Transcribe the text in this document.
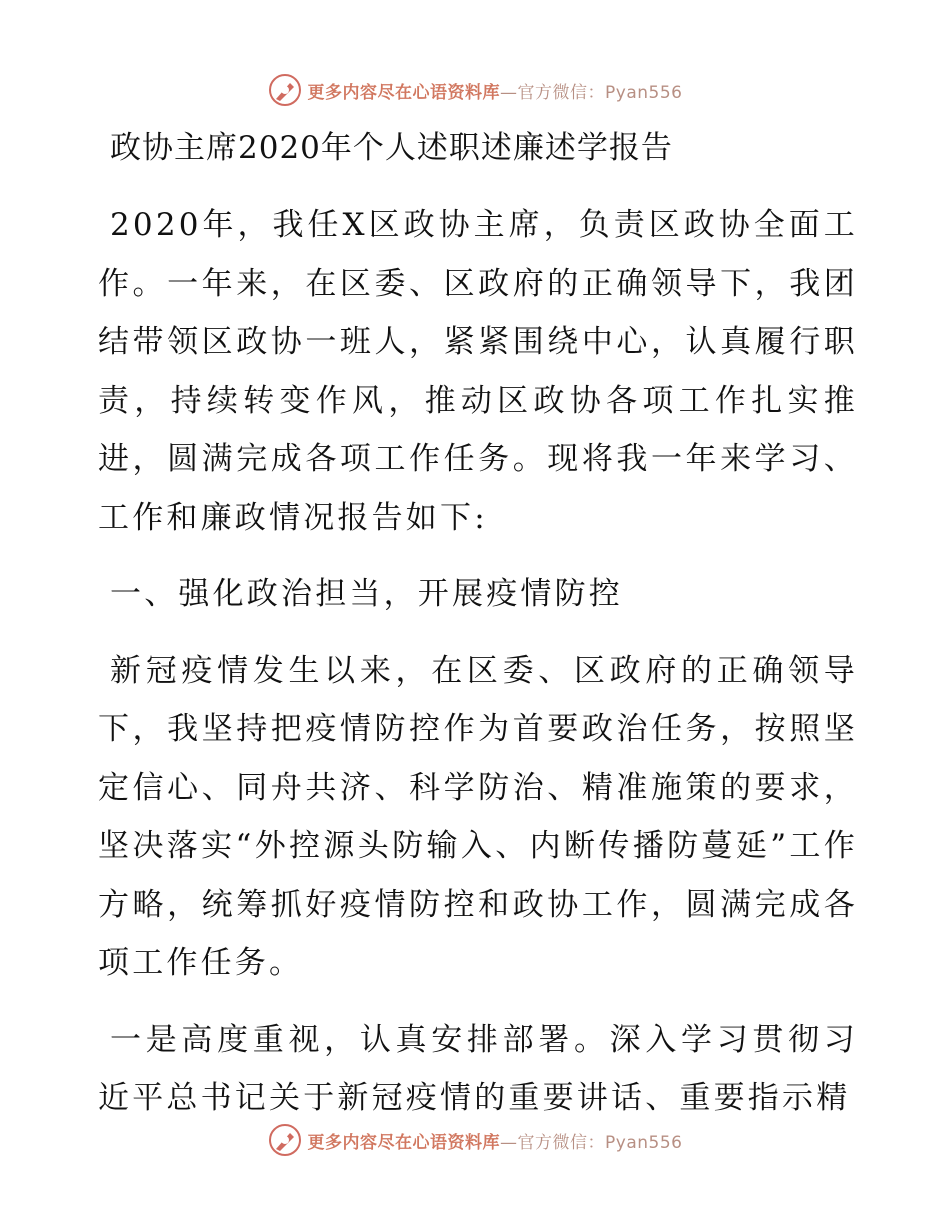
更多内容尽在心语资料库—官方微信：Pyan556
政协主席2020年个人述职述廉述学报告
2020年，我任X区政协主席，负责区政协全面工作。一年来，在区委、区政府的正确领导下，我团结带领区政协一班人，紧紧围绕中心，认真履行职责，持续转变作风，推动区政协各项工作扎实推进，圆满完成各项工作任务。现将我一年来学习、工作和廉政情况报告如下:
一、强化政治担当，开展疫情防控
新冠疫情发生以来，在区委、区政府的正确领导下，我坚持把疫情防控作为首要政治任务，按照坚定信心、同舟共济、科学防治、精准施策的要求，坚决落实“外控源头防输入、内断传播防蔓延”工作方略，统筹抓好疫情防控和政协工作，圆满完成各项工作任务。
一是高度重视，认真安排部署。深入学习贯彻习近平总书记关于新冠疫情的重要讲话、重要指示精
更多内容尽在心语资料库—官方微信：Pyan556
